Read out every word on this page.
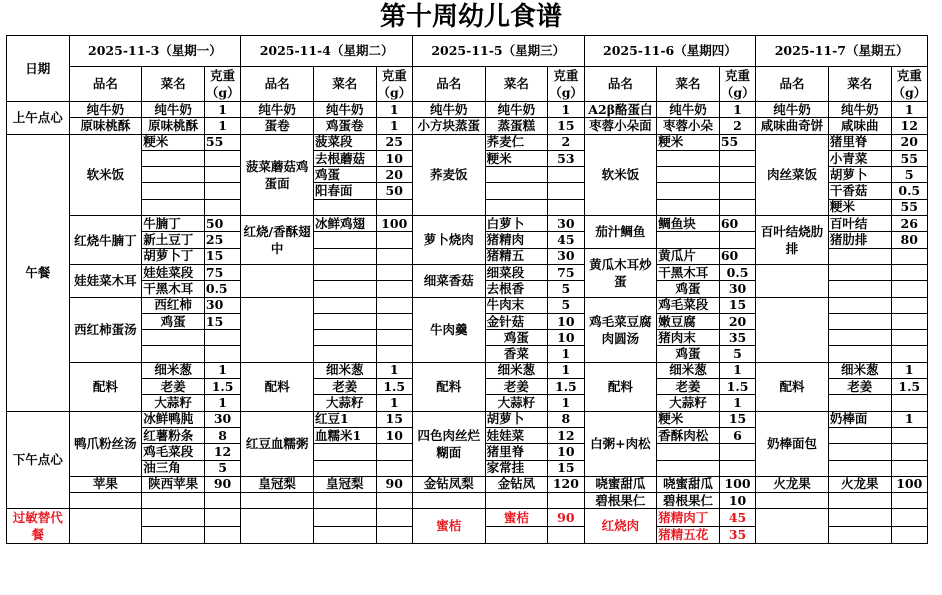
第十周幼儿食谱
日期	2025-11-3（星期一）			2025-11-4（星期二）			2025-11-5（星期三）			2025-11-6（星期四）			2025-11-7（星期五）		
	品名	菜名	克重（g）	品名	菜名	克重（g）	品名	菜名	克重（g）	品名	菜名	克重（g）	品名	菜名	克重（g）
上午点心	纯牛奶	纯牛奶	1	纯牛奶	纯牛奶	1	纯牛奶	纯牛奶	1	A2β酪蛋白	纯牛奶	1	纯牛奶	纯牛奶	1
	原味桃酥	原味桃酥	1	蛋卷	鸡蛋卷	1	小方块蒸蛋	蒸蛋糕	15	枣蓉小朵面	枣蓉小朵	2	咸味曲奇饼	咸味曲	12
午餐	软米饭	粳米	55	菠菜蘑菇鸡蛋面	菠菜段	25	荞麦饭	荞麦仁	2	软米饭	粳米	55	肉丝菜饭	猪里脊	20
					去根蘑菇	10		粳米	53					小青菜	55
					鸡蛋	20								胡萝卜	5
					阳春面	50								干香菇	0.5
														粳米	55
	红烧牛腩丁	牛腩丁	50	红烧/香酥翅中	冰鲜鸡翅	100	萝卜烧肉	白萝卜	30	茄汁鲷鱼	鲷鱼块	60	百叶结烧肋排	百叶结	26
		新土豆丁	25					猪精肉	45					猪肋排	80
		胡萝卜丁	15					猪精五	30	黄瓜木耳炒蛋	黄瓜片	60			
	娃娃菜木耳	娃娃菜段	75				细菜香菇	细菜段	75		干黑木耳	0.5			
		干黑木耳	0.5					去根香	5		鸡蛋	30			
	西红柿蛋汤	西红柿	30				牛肉羹	牛肉末	5	鸡毛菜豆腐肉圆汤	鸡毛菜段	15			
		鸡蛋	15					金针菇	10		嫩豆腐	20			
								鸡蛋	10		猪肉末	35			
								香菜	1		鸡蛋	5			
	配料	细米葱	1	配料	细米葱	1	配料	细米葱	1	配料	细米葱	1	配料	细米葱	1
		老姜	1.5		老姜	1.5		老姜	1.5		老姜	1.5		老姜	1.5
		大蒜籽	1		大蒜籽	1		大蒜籽	1		大蒜籽	1			
下午点心	鸭爪粉丝汤	冰鲜鸭肫	30	红豆血糯粥	红豆1	15	四色肉丝烂糊面	胡萝卜	8	白粥+肉松	粳米	15	奶棒面包	奶棒面	1
		红薯粉条	8		血糯米1	10		娃娃菜	12		香酥肉松	6			
		鸡毛菜段	12					猪里脊	10						
		油三角	5					家常挂	15						
	苹果	陕西苹果	90	皇冠梨	皇冠梨	90	金钻凤梨	金钻凤	120	哓蜜甜瓜	哓蜜甜瓜	100	火龙果	火龙果	100
										碧根果仁	碧根果仁	10			
过敏替代餐							蜜桔	蜜桔	90	红烧肉	猪精肉丁	45			
											猪精五花	35			
